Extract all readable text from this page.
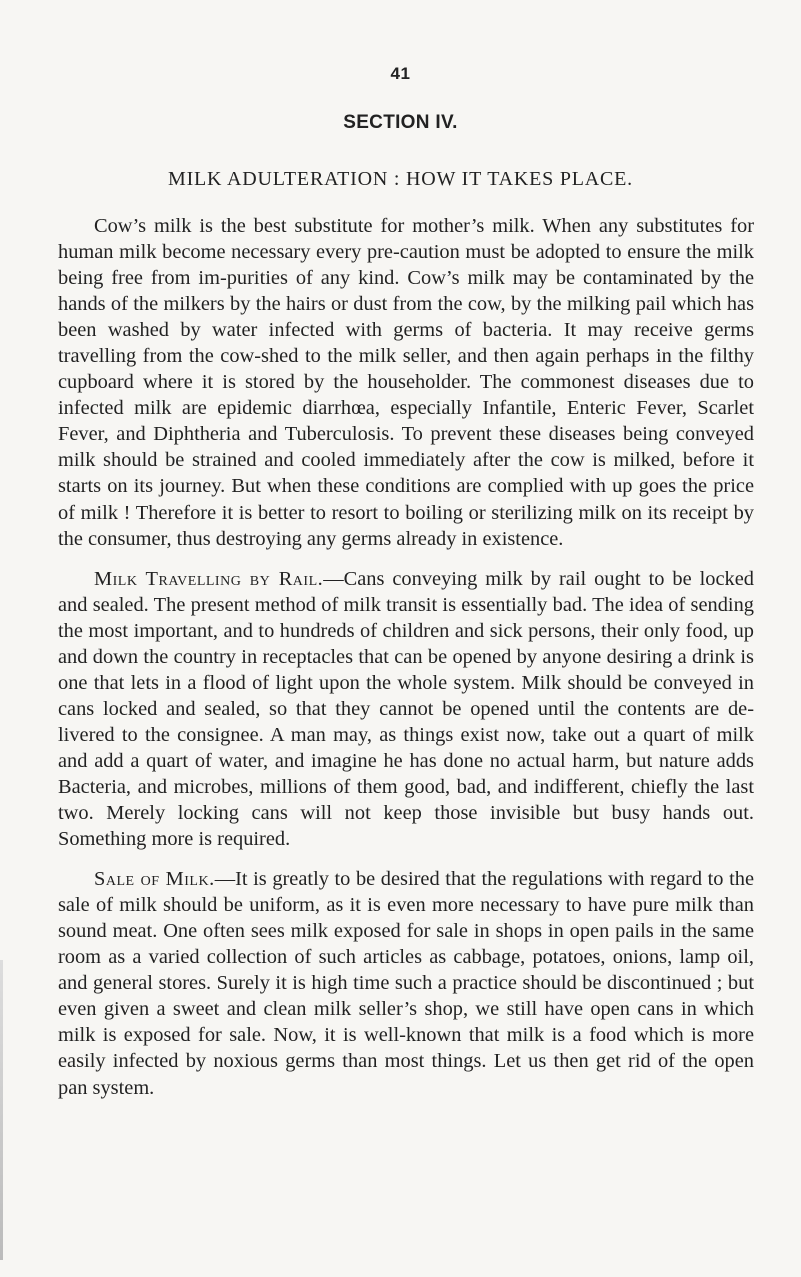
41
SECTION IV.
MILK ADULTERATION : HOW IT TAKES PLACE.

Cow’s milk is the best substitute for mother’s milk. When any substitutes for human milk become necessary every pre-caution must be adopted to ensure the milk being free from im-purities of any kind. Cow’s milk may be contaminated by the hands of the milkers by the hairs or dust from the cow, by the milking pail which has been washed by water infected with germs of bacteria. It may receive germs travelling from the cow-shed to the milk seller, and then again perhaps in the filthy cupboard where it is stored by the householder. The commonest diseases due to infected milk are epidemic diarrhœa, especially Infantile, Enteric Fever, Scarlet Fever, and Diphtheria and Tuberculosis. To prevent these diseases being conveyed milk should be strained and cooled immediately after the cow is milked, before it starts on its journey. But when these conditions are complied with up goes the price of milk ! Therefore it is better to resort to boiling or sterilizing milk on its receipt by the consumer, thus destroying any germs already in existence.

Milk Travelling by Rail.—Cans conveying milk by rail ought to be locked and sealed. The present method of milk transit is essentially bad. The idea of sending the most important, and to hundreds of children and sick persons, their only food, up and down the country in receptacles that can be opened by anyone desiring a drink is one that lets in a flood of light upon the whole system. Milk should be conveyed in cans locked and sealed, so that they cannot be opened until the contents are de-livered to the consignee. A man may, as things exist now, take out a quart of milk and add a quart of water, and imagine he has done no actual harm, but nature adds Bacteria, and microbes, millions of them good, bad, and indifferent, chiefly the last two. Merely locking cans will not keep those invisible but busy hands out. Something more is required.

Sale of Milk.—It is greatly to be desired that the regulations with regard to the sale of milk should be uniform, as it is even more necessary to have pure milk than sound meat. One often sees milk exposed for sale in shops in open pails in the same room as a varied collection of such articles as cabbage, potatoes, onions, lamp oil, and general stores. Surely it is high time such a practice should be discontinued ; but even given a sweet and clean milk seller’s shop, we still have open cans in which milk is exposed for sale. Now, it is well-known that milk is a food which is more easily infected by noxious germs than most things. Let us then get rid of the open pan system.
